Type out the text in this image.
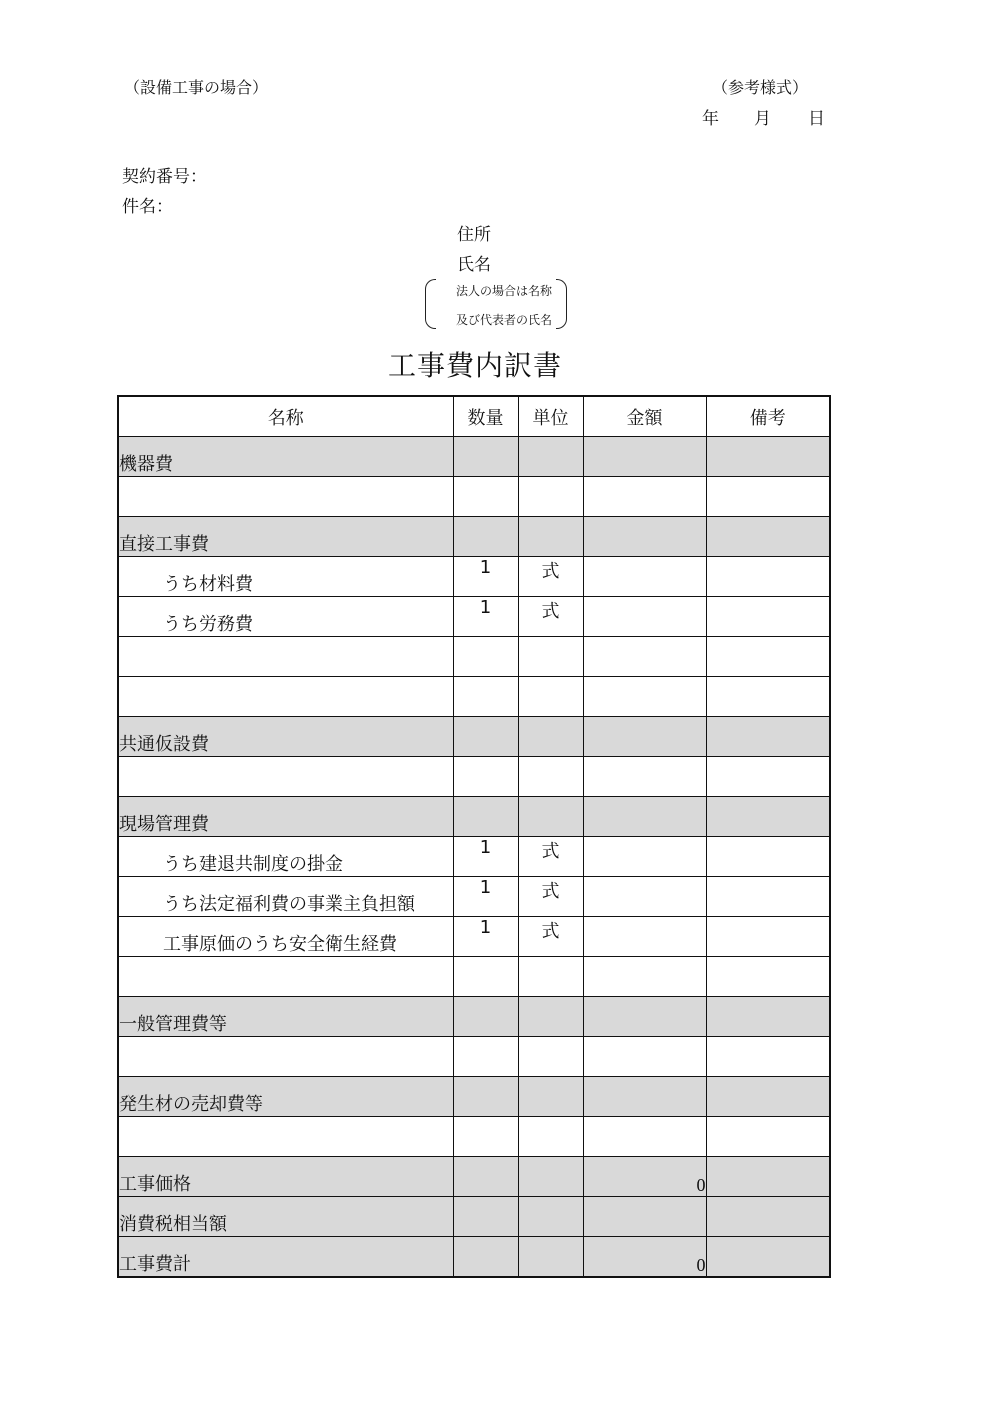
（設備工事の場合）	（参考様式）
年 月 日
契約番号：
件名：
住所
氏名
法人の場合は名称
及び代表者の氏名
工事費内訳書
名称	数量	単位	金額	備考
機器費				

直接工事費				
うち材料費	1	式		
うち労務費	1	式		

共通仮設費				

現場管理費				
うち建退共制度の掛金	1	式		
うち法定福利費の事業主負担額	1	式		
工事原価のうち安全衛生経費	1	式		

一般管理費等				

発生材の売却費等				

工事価格			0	
消費税相当額				
工事費計			0	
